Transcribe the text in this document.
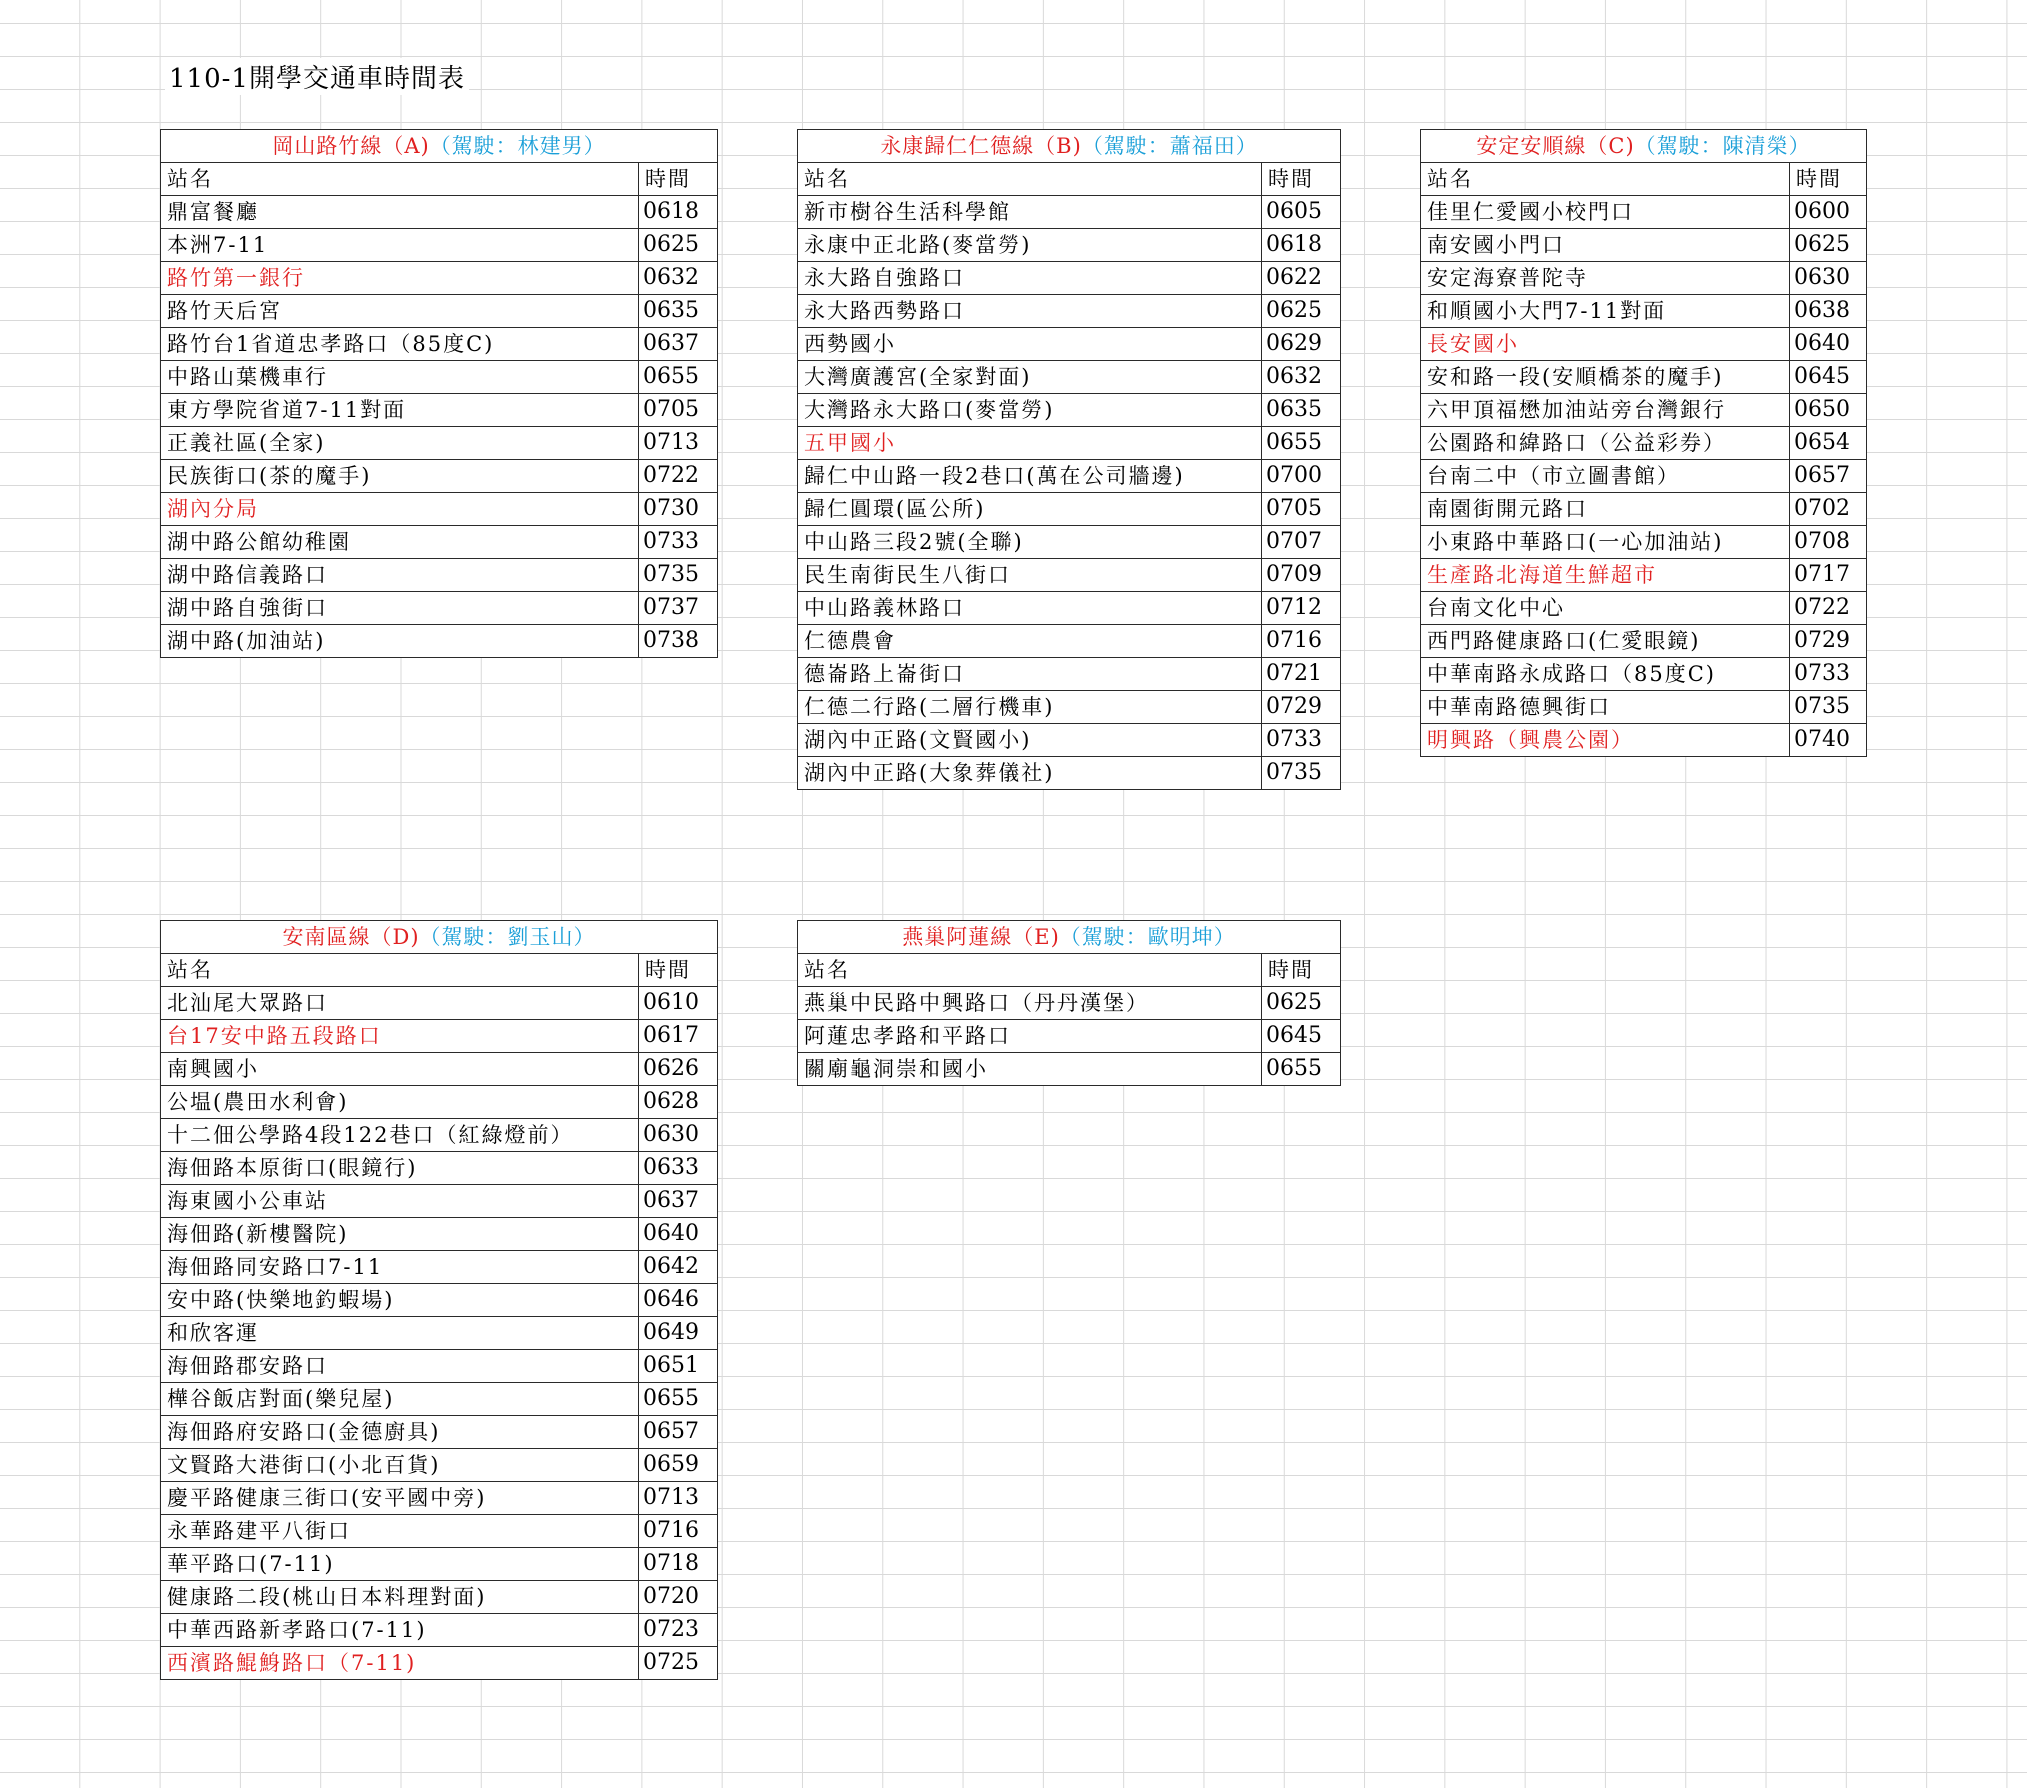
110-1開學交通車時間表
岡山路竹線（A)（駕駛：林建男）	
站名	時間
鼎富餐廳	0618
本洲7-11	0625
路竹第一銀行	0632
路竹天后宮	0635
路竹台1省道忠孝路口（85度C)	0637
中路山葉機車行	0655
東方學院省道7-11對面	0705
正義社區(全家)	0713
民族街口(茶的魔手)	0722
湖內分局	0730
湖中路公館幼稚園	0733
湖中路信義路口	0735
湖中路自強街口	0737
湖中路(加油站)	0738
永康歸仁仁德線（B)（駕駛：蕭福田）	
站名	時間
新市樹谷生活科學館	0605
永康中正北路(麥當勞)	0618
永大路自強路口	0622
永大路西勢路口	0625
西勢國小	0629
大灣廣護宮(全家對面)	0632
大灣路永大路口(麥當勞)	0635
五甲國小	0655
歸仁中山路一段2巷口(萬在公司牆邊)	0700
歸仁圓環(區公所)	0705
中山路三段2號(全聯)	0707
民生南街民生八街口	0709
中山路義林路口	0712
仁德農會	0716
德崙路上崙街口	0721
仁德二行路(二層行機車)	0729
湖內中正路(文賢國小)	0733
湖內中正路(大象葬儀社)	0735
安定安順線（C)（駕駛：陳清榮）	
站名	時間
佳里仁愛國小校門口	0600
南安國小門口	0625
安定海寮普陀寺	0630
和順國小大門7-11對面	0638
長安國小	0640
安和路一段(安順橋茶的魔手)	0645
六甲頂福懋加油站旁台灣銀行	0650
公園路和緯路口（公益彩券）	0654
台南二中（市立圖書館）	0657
南園街開元路口	0702
小東路中華路口(一心加油站)	0708
生產路北海道生鮮超市	0717
台南文化中心	0722
西門路健康路口(仁愛眼鏡)	0729
中華南路永成路口（85度C)	0733
中華南路德興街口	0735
明興路（興農公園）	0740
安南區線（D)（駕駛：劉玉山）	
站名	時間
北汕尾大眾路口	0610
台17安中路五段路口	0617
南興國小	0626
公塭(農田水利會)	0628
十二佃公學路4段122巷口（紅綠燈前）	0630
海佃路本原街口(眼鏡行)	0633
海東國小公車站	0637
海佃路(新樓醫院)	0640
海佃路同安路口7-11	0642
安中路(快樂地釣蝦場)	0646
和欣客運	0649
海佃路郡安路口	0651
樺谷飯店對面(樂兒屋)	0655
海佃路府安路口(金德廚具)	0657
文賢路大港街口(小北百貨)	0659
慶平路健康三街口(安平國中旁)	0713
永華路建平八街口	0716
華平路口(7-11)	0718
健康路二段(桃山日本料理對面)	0720
中華西路新孝路口(7-11)	0723
西濱路鯤鯓路口（7-11)	0725
燕巢阿蓮線（E)（駕駛：歐明坤）	
站名	時間
燕巢中民路中興路口（丹丹漢堡）	0625
阿蓮忠孝路和平路口	0645
關廟龜洞崇和國小	0655
